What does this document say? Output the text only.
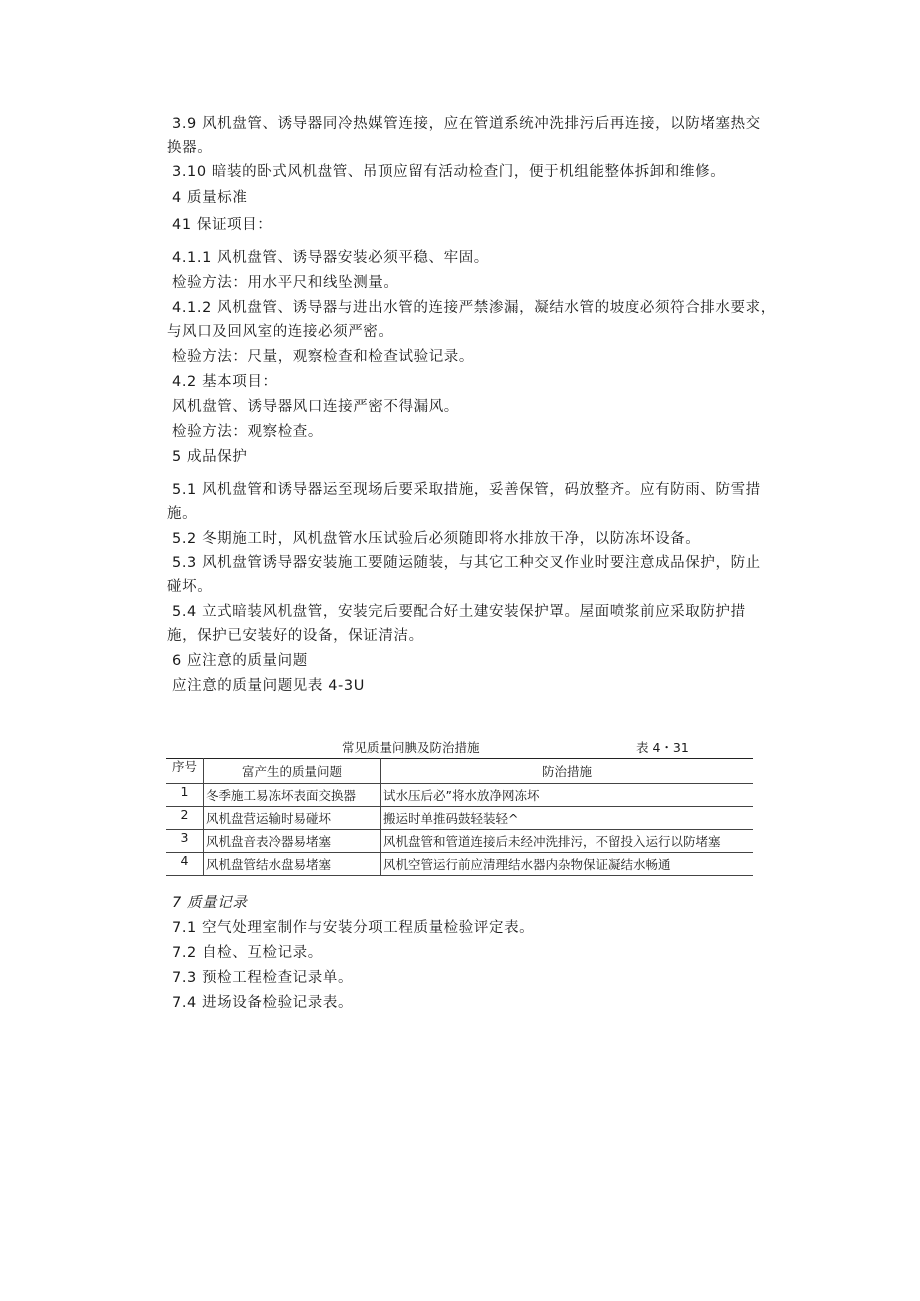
3.9 风机盘管、诱导器同冷热媒管连接，应在管道系统冲洗排污后再连接，以防堵塞热交
换器。
3.10 暗装的卧式风机盘管、吊顶应留有活动检查门，便于机组能整体拆卸和维修。
4 质量标准
41 保证项目：
4.1.1 风机盘管、诱导器安装必须平稳、牢固。
检验方法：用水平尺和线坠测量。
4.1.2 风机盘管、诱导器与进出水管的连接严禁渗漏，凝结水管的坡度必须符合排水要求，
与风口及回风室的连接必须严密。
检验方法：尺量，观察检查和检查试验记录。
4.2 基本项目：
风机盘管、诱导器风口连接严密不得漏风。
检验方法：观察检查。
5 成品保护
5.1 风机盘管和诱导器运至现场后要采取措施，妥善保管，码放整齐。应有防雨、防雪措
施。
5.2 冬期施工时，风机盘管水压试验后必须随即将水排放干净，以防冻坏设备。
5.3 风机盘管诱导器安装施工要随运随装，与其它工种交叉作业时要注意成品保护，防止
碰坏。
5.4 立式暗装风机盘管，安装完后要配合好土建安装保护罩。屋面喷浆前应采取防护措
施，保护已安装好的设备，保证清洁。
6 应注意的质量问题
应注意的质量问题见表 4-3U
常见质量问腆及防治措施	表 4・31
序号	富产生的质量问题	防治措施
1	冬季施工易冻坏表面交换器	试水压后必”将水放净网冻坏
2	风机盘营运输时易碰坏	搬运时单推码鼓轻装轻^
3	风机盘音表冷器易堵塞	风机盘管和管道连接后未经冲洗排污，不留投入运行以防堵塞
4	风机盘管结水盘易堵塞	风机空管运行前应清理结水器内杂物保证凝结水畅通
7 质量记录
7.1 空气处理室制作与安装分项工程质量检验评定表。
7.2 自检、互检记录。
7.3 预检工程检查记录单。
7.4 进场设备检验记录表。
